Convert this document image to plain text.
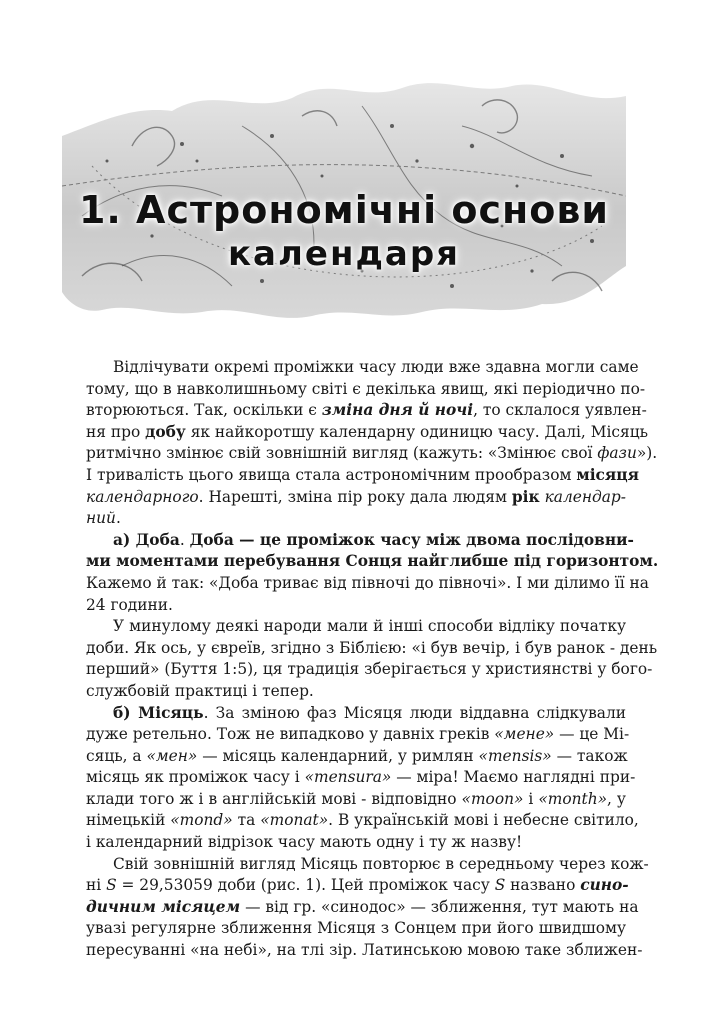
1. Астрономічні основи
календаря
Відлічувати окремі проміжки часу люди вже здавна могли саме
тому, що в навколишньому світі є декілька явищ, які періодично по-
вторюються. Так, оскільки є зміна дня й ночі, то склалося уявлен-
ня про добу як найкоротшу календарну одиницю часу. Далі, Місяць
ритмічно змінює свій зовнішній вигляд (кажуть: «Змінює свої фази»).
І тривалість цього явища стала астрономічним прообразом місяця
календарного. Нарешті, зміна пір року дала людям рік календар-
ний.
а) Доба. Доба — це проміжок часу між двома послідовни-
ми моментами перебування Сонця найглибше під горизонтом.
Кажемо й так: «Доба триває від півночі до півночі». І ми ділимо її на
24 години.
У минулому деякі народи мали й інші способи відліку початку
доби. Як ось, у євреїв, згідно з Біблією: «і був вечір, і був ранок - день
перший» (Буття 1:5), ця традиція зберігається у християнстві у бого-
службовій практиці і тепер.
б) Місяць. За зміною фаз Місяця люди віддавна слідкували
дуже ретельно. Тож не випадково у давніх греків «мене» — це Мі-
сяць, а «мен» — місяць календарний, у римлян «mensis» — також
місяць як проміжок часу і «mensura» — міра! Маємо наглядні при-
клади того ж і в англійській мові - відповідно «moon» і «month», у
німецькій «mond» та «monat». В українській мові і небесне світило,
і календарний відрізок часу мають одну і ту ж назву!
Свій зовнішній вигляд Місяць повторює в середньому через кож-
ні S = 29,53059 доби (рис. 1). Цей проміжок часу S названо сино-
дичним місяцем — від гр. «синодос» — зближення, тут мають на
увазі регулярне зближення Місяця з Сонцем при його швидшому
пересуванні «на небі», на тлі зір. Латинською мовою таке зближен-
